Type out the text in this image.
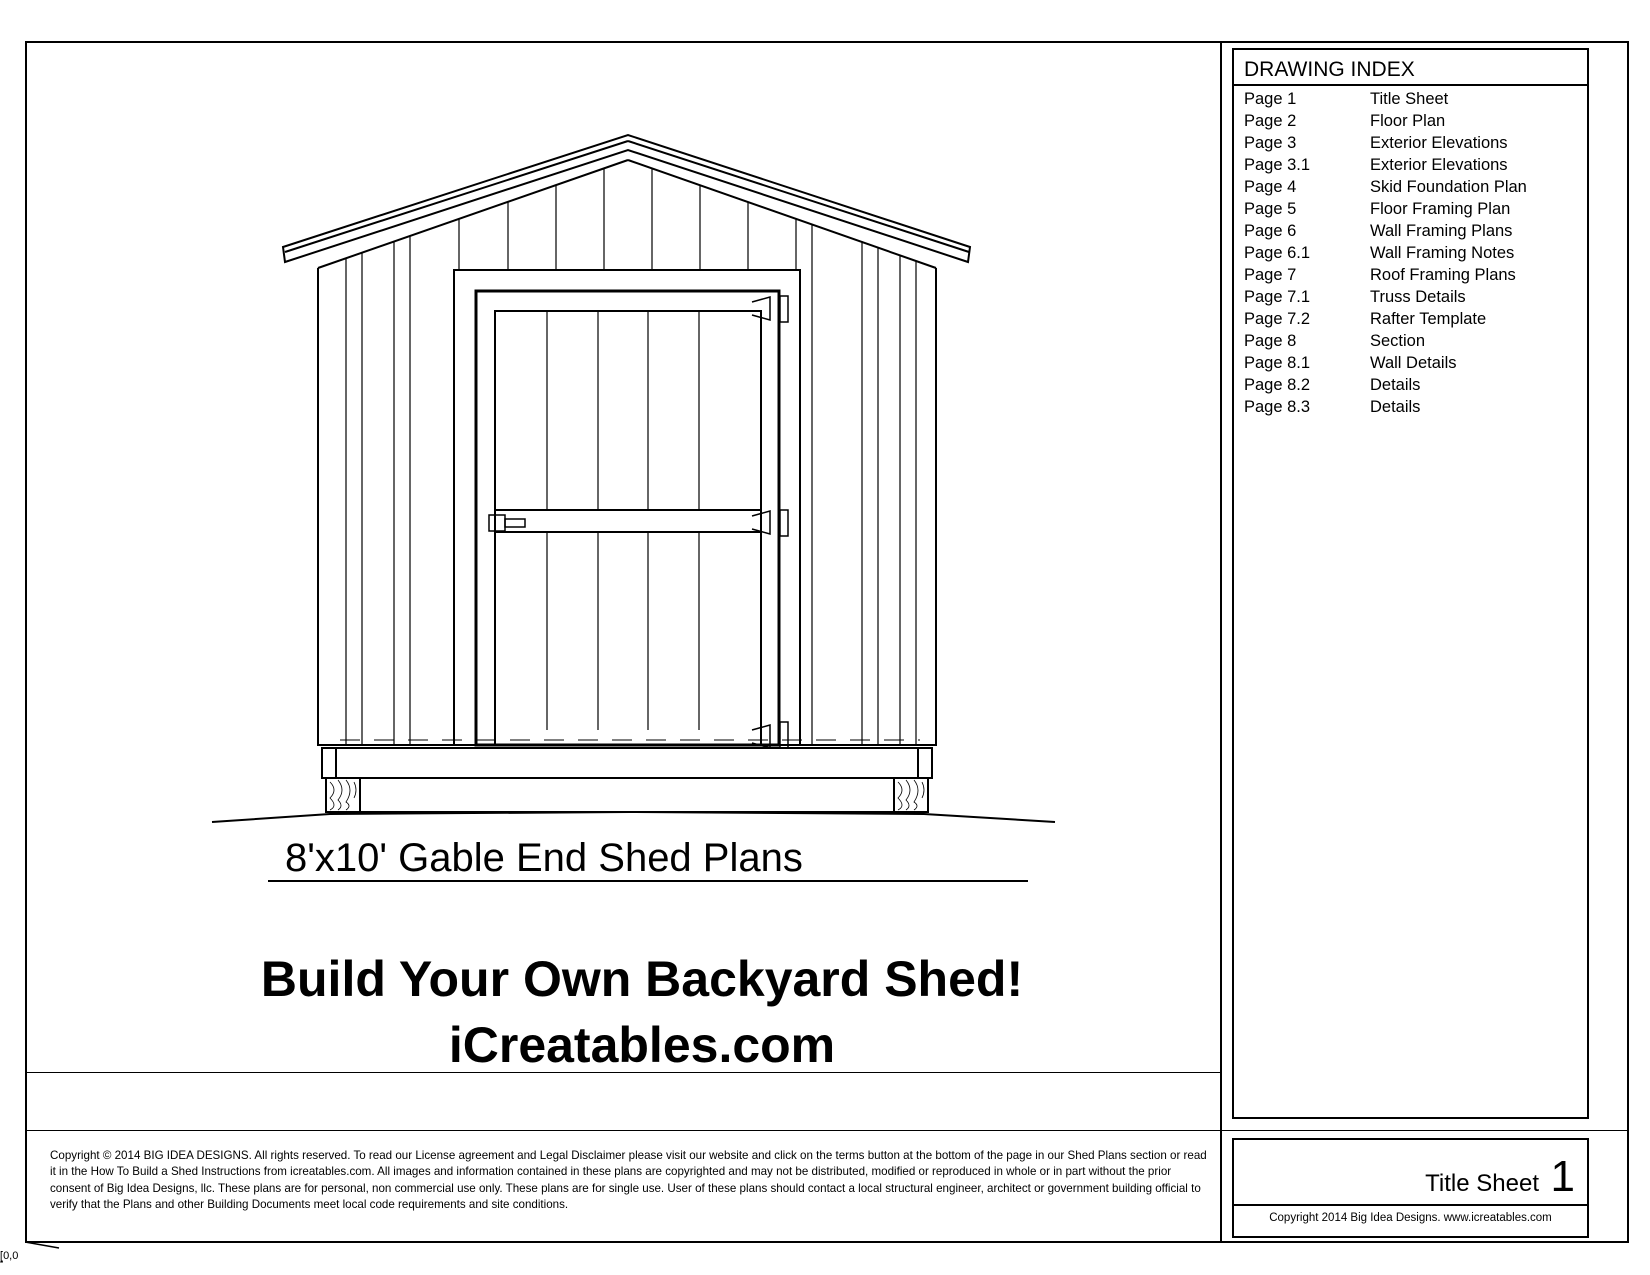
8'x10' Gable End Shed Plans
Build Your Own Backyard Shed!
iCreatables.com
DRAWING INDEX
Page 1	Title Sheet
Page 2	Floor Plan
Page 3	Exterior Elevations
Page 3.1	Exterior Elevations
Page 4	Skid Foundation Plan
Page 5	Floor Framing Plan
Page 6	Wall Framing Plans
Page 6.1	Wall Framing Notes
Page 7	Roof Framing Plans
Page 7.1	Truss Details
Page 7.2	Rafter Template
Page 8	Section
Page 8.1	Wall Details
Page 8.2	Details
Page 8.3	Details
Copyright © 2014 BIG IDEA DESIGNS. All rights reserved. To read our License agreement and Legal Disclaimer please visit our website and click on the terms button at the bottom of the page in our Shed Plans section or read it in the How To Build a Shed Instructions from icreatables.com. All images and information contained in these plans are copyrighted and may not be distributed, modified or reproduced in whole or in part without the prior consent of Big Idea Designs, llc. These plans are for personal, non commercial use only. These plans are for single use. User of these plans should contact a local structural engineer, architect or government building official to verify that the Plans and other Building Documents meet local code requirements and site conditions.
Title Sheet 1
Copyright 2014 Big Idea Designs. www.icreatables.com
⦋0,0
